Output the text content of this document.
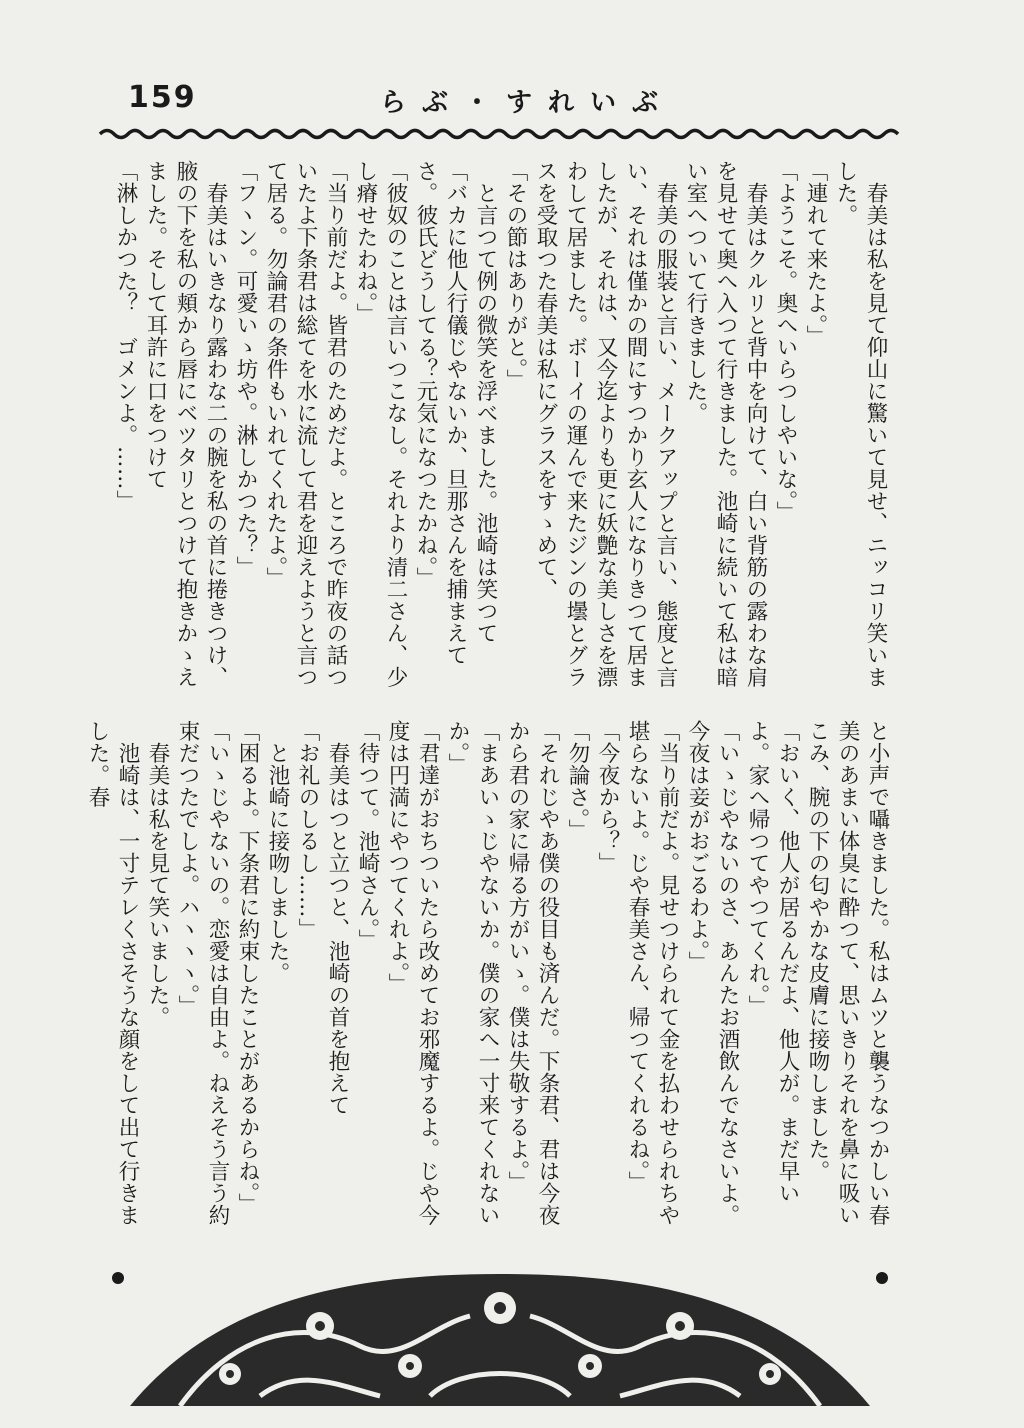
159	らぶ・すれいぶ
　春美は私を見て仰山に驚いて見せ、ニッコリ笑いました。
「連れて来たよ。」
「ようこそ。奥へいらつしやいな。」
　春美はクルリと背中を向けて、白い背筋の露わな肩を見せて奥へ入つて行きました。池崎に続いて私は暗い室へついて行きました。
　春美の服装と言い、メークアップと言い、態度と言い、それは僅かの間にすつかり玄人になりきつて居ましたが、それは、又今迄よりも更に妖艶な美しさを漂わして居ました。ボーイの運んで来たジンの壜とグラスを受取つた春美は私にグラスをすゝめて、
「その節はありがと。」
　と言つて例の微笑を浮べました。池崎は笑つて
「バカに他人行儀じやないか、旦那さんを捕まえてさ。彼氏どうしてる？元気になつたかね。」
「彼奴のことは言いつこなし。それより清二さん、少し瘠せたわね。」
「当り前だよ。皆君のためだよ。ところで昨夜の話ついたよ下条君は総てを水に流して君を迎えようと言つて居る。勿論君の条件もいれてくれたよ。」
「フヽン。可愛いゝ坊や。淋しかつた？」
　春美はいきなり露わな二の腕を私の首に捲きつけ、腋の下を私の頬から唇にベツタリとつけて抱きかゝえました。そして耳許に口をつけて
「淋しかつた？　ゴメンよ。……」
と小声で囁きました。私はムツと襲うなつかしい春美のあまい体臭に酔つて、思いきりそれを鼻に吸いこみ、腕の下の匂やかな皮膚に接吻しました。
「おいく、他人が居るんだよ、他人が。まだ早いよ。家へ帰つてやつてくれ。」
「いゝじやないのさ、あんたお酒飲んでなさいよ。今夜は妾がおごるわよ。」
「当り前だよ。見せつけられて金を払わせられちや堪らないよ。じや春美さん、帰つてくれるね。」
「今夜から？」
「勿論さ。」
「それじやあ僕の役目も済んだ。下条君、君は今夜から君の家に帰る方がいゝ。僕は失敬するよ。」
「まあいゝじやないか。僕の家へ一寸来てくれないか。」
「君達がおちついたら改めてお邪魔するよ。じや今度は円満にやつてくれよ。」
「待つて。池崎さん。」
　春美はつと立つと、池崎の首を抱えて
「お礼のしるし……」
　と池崎に接吻しました。
「困るよ。下条君に約束したことがあるからね。」
「いゝじやないの。恋愛は自由よ。ねえそう言う約束だつたでしよ。ハヽヽヽ。」
　春美は私を見て笑いました。
　池崎は、一寸テレくさそうな顔をして出て行きました。春
